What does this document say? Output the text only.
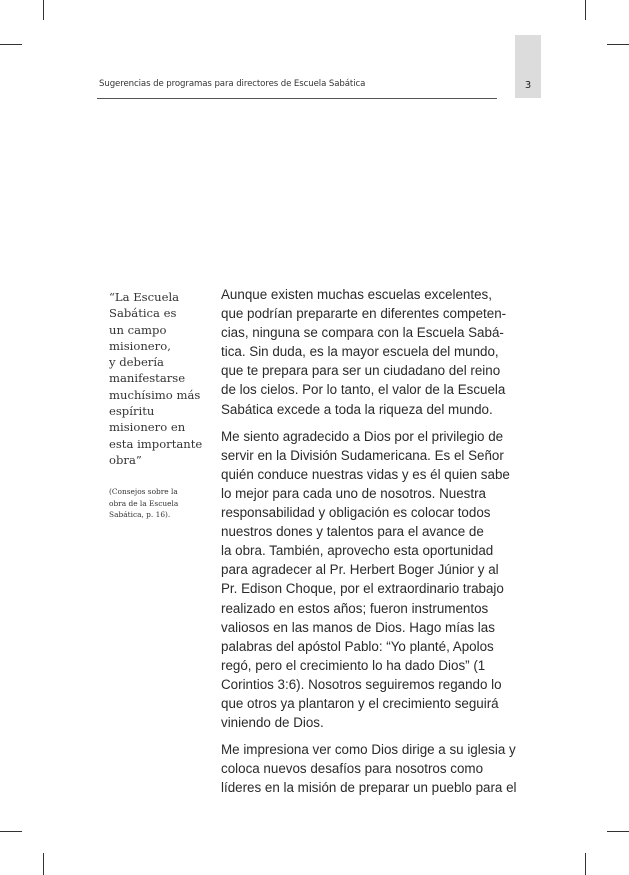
Sugerencias de programas para directores de Escuela Sabática	3
“La Escuela
Sabática es
un campo
misionero,
y debería
manifestarse
muchísimo más
espíritu
misionero en
esta importante
obra”
(Consejos sobre la
obra de la Escuela
Sabática, p. 16).
Aunque existen muchas escuelas excelentes,
que podrían prepararte en diferentes competen-
cias, ninguna se compara con la Escuela Sabá-
tica. Sin duda, es la mayor escuela del mundo,
que te prepara para ser un ciudadano del reino
de los cielos. Por lo tanto, el valor de la Escuela
Sabática excede a toda la riqueza del mundo.
Me siento agradecido a Dios por el privilegio de
servir en la División Sudamericana. Es el Señor
quién conduce nuestras vidas y es él quien sabe
lo mejor para cada uno de nosotros. Nuestra
responsabilidad y obligación es colocar todos
nuestros dones y talentos para el avance de
la obra. También, aprovecho esta oportunidad
para agradecer al Pr. Herbert Boger Júnior y al
Pr. Edison Choque, por el extraordinario trabajo
realizado en estos años; fueron instrumentos
valiosos en las manos de Dios. Hago mías las
palabras del apóstol Pablo: “Yo planté, Apolos
regó, pero el crecimiento lo ha dado Dios” (1
Corintios 3:6). Nosotros seguiremos regando lo
que otros ya plantaron y el crecimiento seguirá
viniendo de Dios.
Me impresiona ver como Dios dirige a su iglesia y
coloca nuevos desafíos para nosotros como
líderes en la misión de preparar un pueblo para el
